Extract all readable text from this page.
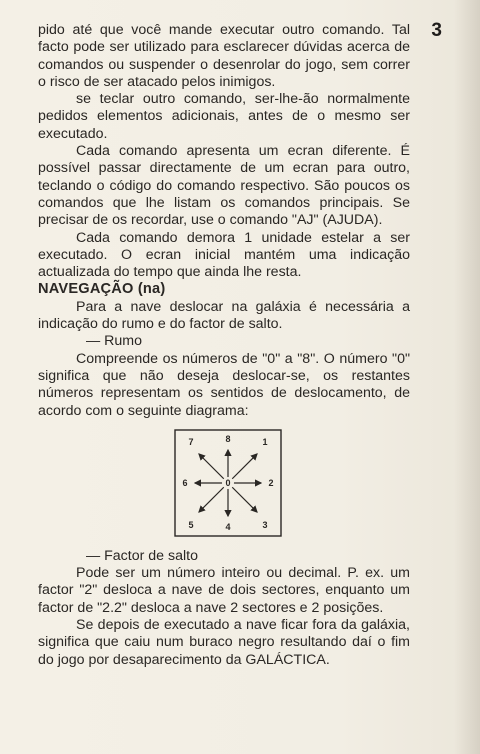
3

pido até que você mande executar outro comando. Tal facto pode ser utilizado para esclarecer dúvidas acerca de comandos ou suspender o desenrolar do jogo, sem correr o risco de ser atacado pelos inimigos.

se teclar outro comando, ser-lhe-ão normalmente pedidos elementos adicionais, antes de o mesmo ser executado.

Cada comando apresenta um ecran diferente. É possível passar directamente de um ecran para outro, teclando o código do comando respectivo. São poucos os comandos que lhe listam os comandos principais. Se precisar de os recordar, use o comando "AJ" (AJUDA).

Cada comando demora 1 unidade estelar a ser executado. O ecran inicial mantém uma indicação actualizada do tempo que ainda lhe resta.

NAVEGAÇÃO (na)

Para a nave deslocar na galáxia é necessária a indicação do rumo e do factor de salto.

— Rumo

Compreende os números de "0" a "8". O número "0" significa que não deseja deslocar-se, os restantes números representam os sentidos de deslocamento, de acordo com o seguinte diagrama:

7	8	1
6	0	2
5	4	3

— Factor de salto

Pode ser um número inteiro ou decimal. P. ex. um factor "2" desloca a nave de dois sectores, enquanto um factor de "2.2" desloca a nave 2 sectores e 2 posições.

Se depois de executado a nave ficar fora da galáxia, significa que caiu num buraco negro resultando daí o fim do jogo por desaparecimento da GALÁCTICA.
